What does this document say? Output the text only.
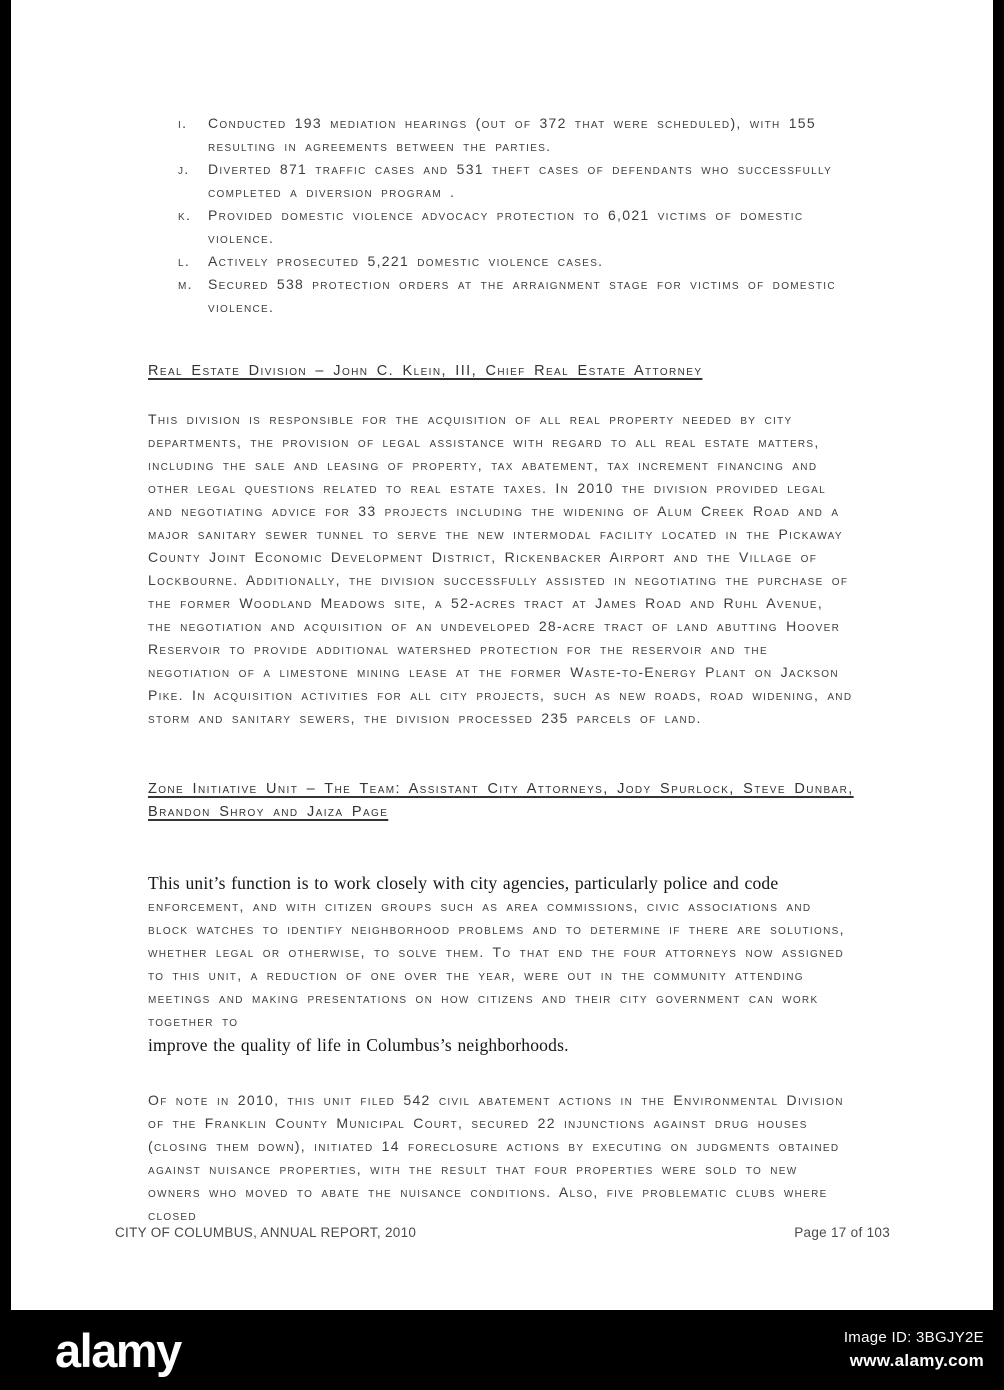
i.	Conducted 193 mediation hearings (out of 372 that were scheduled), with 155 resulting in agreements between the parties.
j.	Diverted 871 traffic cases and 531 theft cases of defendants who successfully completed a diversion program .
k.	Provided domestic violence advocacy protection to 6,021 victims of domestic violence.
l.	Actively prosecuted 5,221 domestic violence cases.
m.	Secured 538 protection orders at the arraignment stage for victims of domestic violence.
Real Estate Division – John C. Klein, III, Chief Real Estate Attorney
This division is responsible for the acquisition of all real property needed by city departments, the provision of legal assistance with regard to all real estate matters, including the sale and leasing of property, tax abatement, tax increment financing and other legal questions related to real estate taxes. In 2010 the division provided legal and negotiating advice for 33 projects including the widening of Alum Creek Road and a major sanitary sewer tunnel to serve the new intermodal facility located in the Pickaway County Joint Economic Development District, Rickenbacker Airport and the Village of Lockbourne. Additionally, the division successfully assisted in negotiating the purchase of the former Woodland Meadows site, a 52-acres tract at James Road and Ruhl Avenue, the negotiation and acquisition of an undeveloped 28-acre tract of land abutting Hoover Reservoir to provide additional watershed protection for the reservoir and the negotiation of a limestone mining lease at the former Waste-to-Energy Plant on Jackson Pike. In acquisition activities for all city projects, such as new roads, road widening, and storm and sanitary sewers, the division processed 235 parcels of land.
Zone Initiative Unit – The Team: Assistant City Attorneys, Jody Spurlock, Steve Dunbar, Brandon Shroy and Jaiza Page
This unit’s function is to work closely with city agencies, particularly police and code
enforcement, and with citizen groups such as area commissions, civic associations and block watches to identify neighborhood problems and to determine if there are solutions, whether legal or otherwise, to solve them. To that end the four attorneys now assigned to this unit, a reduction of one over the year, were out in the community attending meetings and making presentations on how citizens and their city government can work together to
improve the quality of life in Columbus’s neighborhoods.
Of note in 2010, this unit filed 542 civil abatement actions in the Environmental Division of the Franklin County Municipal Court, secured 22 injunctions against drug houses (closing them down), initiated 14 foreclosure actions by executing on judgments obtained against nuisance properties, with the result that four properties were sold to new owners who moved to abate the nuisance conditions. Also, five problematic clubs where closed
CITY OF COLUMBUS, ANNUAL REPORT, 2010	Page 17 of 103
alamy	Image ID: 3BGJY2E
www.alamy.com
